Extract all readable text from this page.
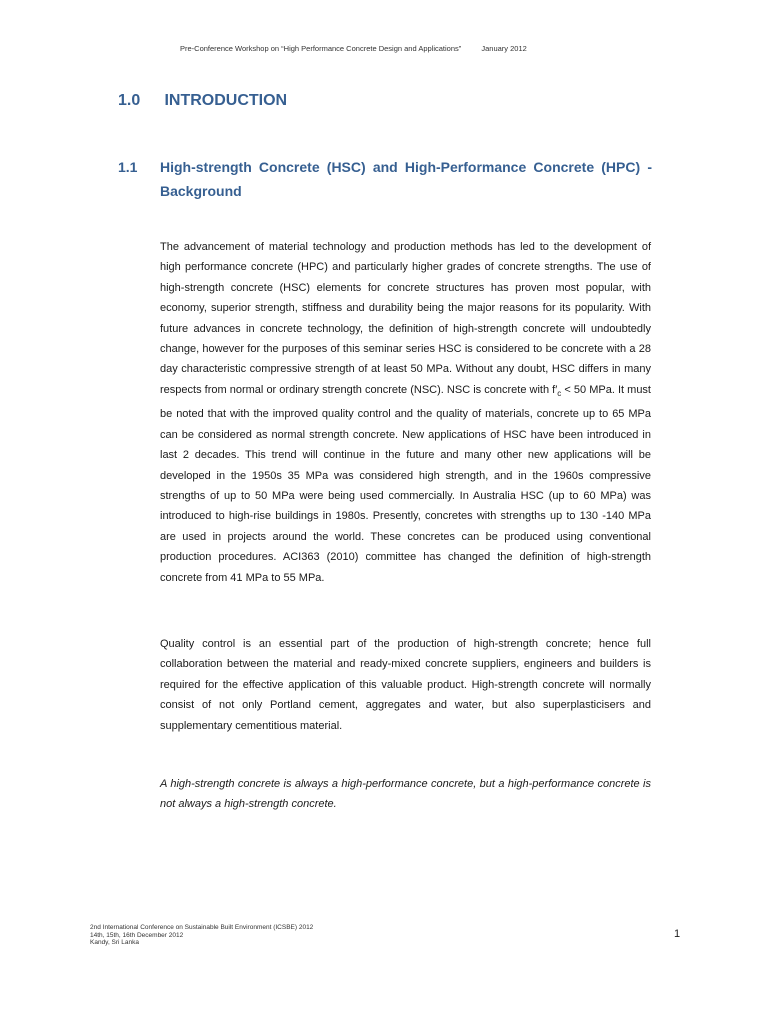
Pre-Conference Workshop on “High Performance Concrete Design and Applications”	January 2012
1.0 INTRODUCTION
1.1	High-strength Concrete (HSC) and High-Performance Concrete (HPC) - Background

The advancement of material technology and production methods has led to the development of high performance concrete (HPC) and particularly higher grades of concrete strengths. The use of high-strength concrete (HSC) elements for concrete structures has proven most popular, with economy, superior strength, stiffness and durability being the major reasons for its popularity. With future advances in concrete technology, the definition of high-strength concrete will undoubtedly change, however for the purposes of this seminar series HSC is considered to be concrete with a 28 day characteristic compressive strength of at least 50 MPa. Without any doubt, HSC differs in many respects from normal or ordinary strength concrete (NSC). NSC is concrete with $f'_c < 50$ MPa. It must be noted that with the improved quality control and the quality of materials, concrete up to 65 MPa can be considered as normal strength concrete. New applications of HSC have been introduced in last 2 decades. This trend will continue in the future and many other new applications will be developed in the 1950s 35 MPa was considered high strength, and in the 1960s compressive strengths of up to 50 MPa were being used commercially. In Australia HSC (up to 60 MPa) was introduced to high-rise buildings in 1980s. Presently, concretes with strengths up to 130 -140 MPa are used in projects around the world. These concretes can be produced using conventional production procedures. ACI363 (2010) committee has changed the definition of high-strength concrete from 41 MPa to 55 MPa.

Quality control is an essential part of the production of high-strength concrete; hence full collaboration between the material and ready-mixed concrete suppliers, engineers and builders is required for the effective application of this valuable product. High-strength concrete will normally consist of not only Portland cement, aggregates and water, but also superplasticisers and supplementary cementitious material.

A high-strength concrete is always a high-performance concrete, but a high-performance concrete is not always a high-strength concrete.

2nd International Conference on Sustainable Built Environment (ICSBE) 2012
14th, 15th, 16th December 2012
Kandy, Sri Lanka
1
